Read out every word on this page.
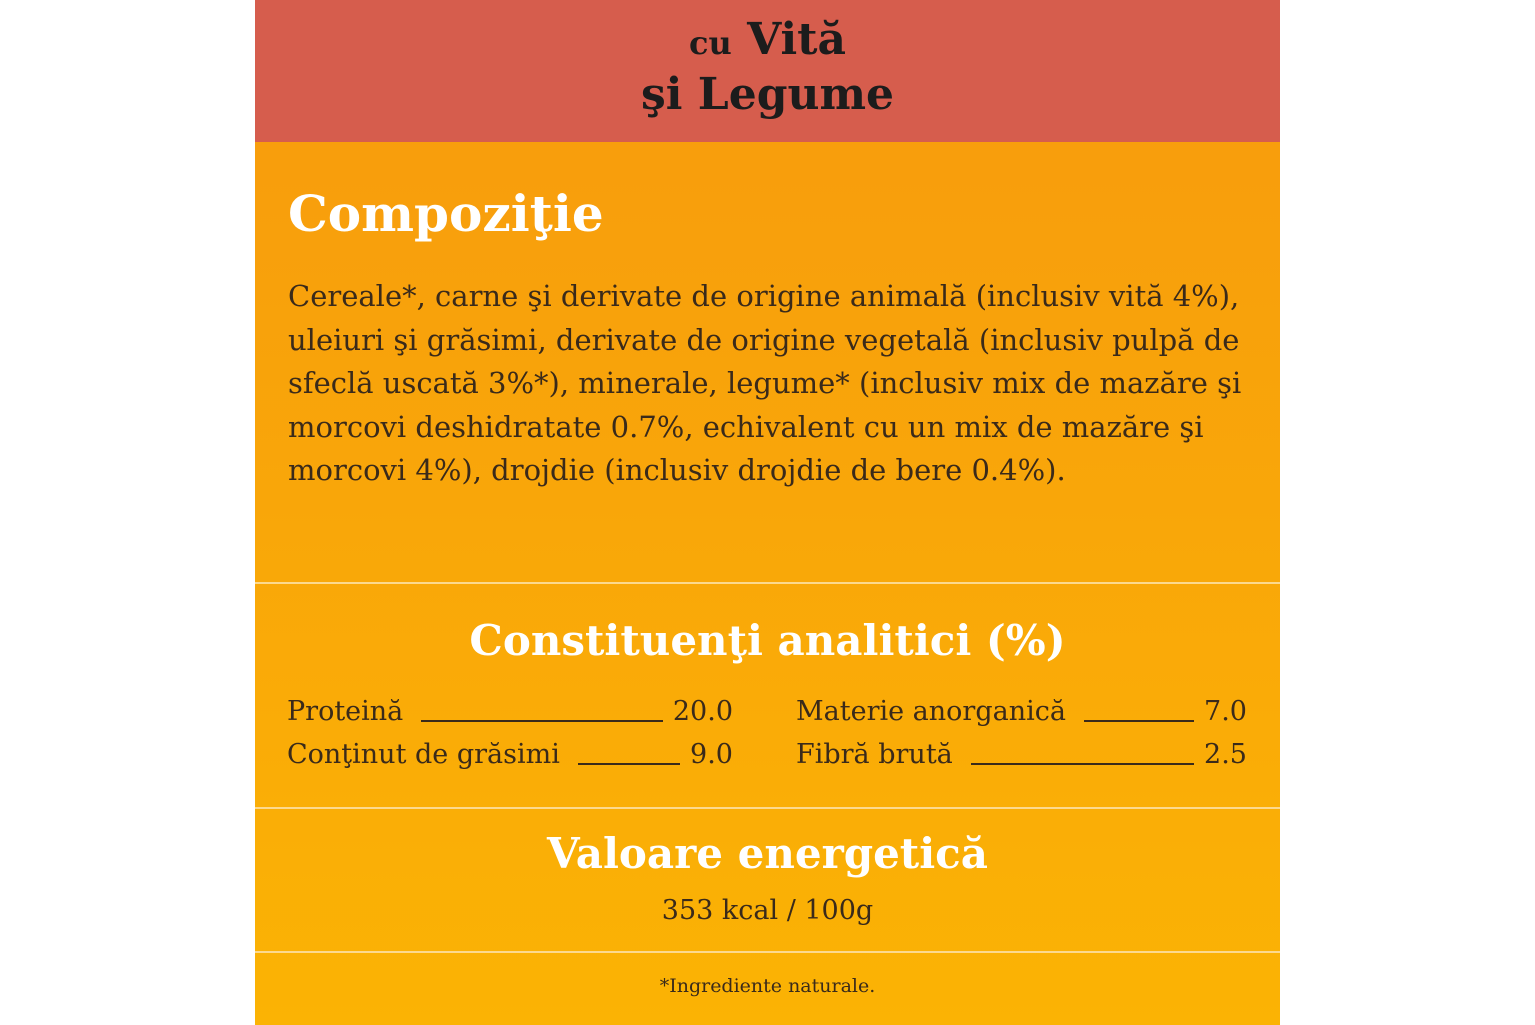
cu Vită
şi Legume
Compoziţie

Cereale*, carne şi derivate de origine animală (inclusiv vită 4%), uleiuri şi grăsimi, derivate de origine vegetală (inclusiv pulpă de sfeclă uscată 3%*), minerale, legume* (inclusiv mix de mazăre şi morcovi deshidratate 0.7%, echivalent cu un mix de mazăre şi morcovi 4%), drojdie (inclusiv drojdie de bere 0.4%).

Constituenţi analitici (%)
Proteină	20.0
Conţinut de grăsimi	9.0
Materie anorganică	7.0
Fibră brută	2.5
Valoare energetică
353 kcal / 100g
*Ingrediente naturale.
